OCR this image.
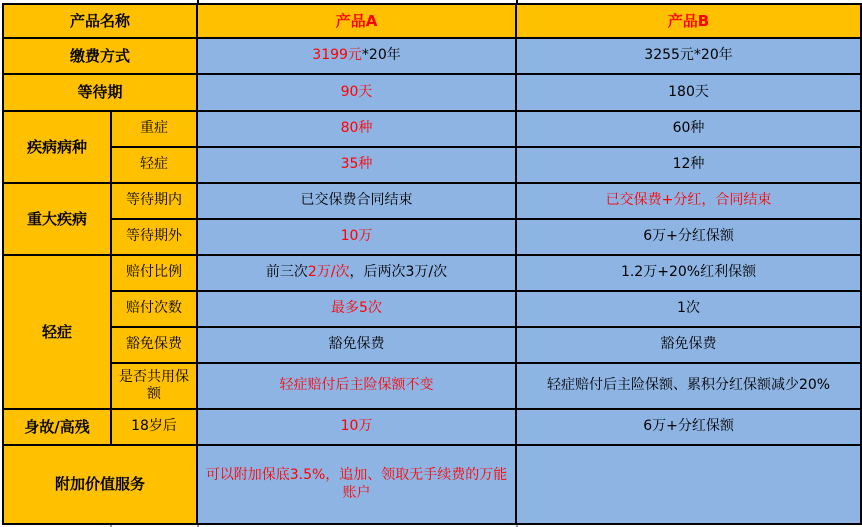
产品名称		产品A	产品B
缴费方式		3199元*20年	3255元*20年
等待期		90天	180天
疾病病种	重症	80种	60种
	轻症	35种	12种
重大疾病	等待期内	已交保费合同结束	已交保费+分红，合同结束
	等待期外	10万	6万+分红保额
轻症	赔付比例	前三次2万/次，后两次3万/次	1.2万+20%红利保额
	赔付次数	最多5次	1次
	豁免保费	豁免保费	豁免保费
	是否共用保额	轻症赔付后主险保额不变	轻症赔付后主险保额、累积分红保额减少20%
身故/高残	18岁后	10万	6万+分红保额
附加价值服务		可以附加保底3.5%，追加、领取无手续费的万能账户	
